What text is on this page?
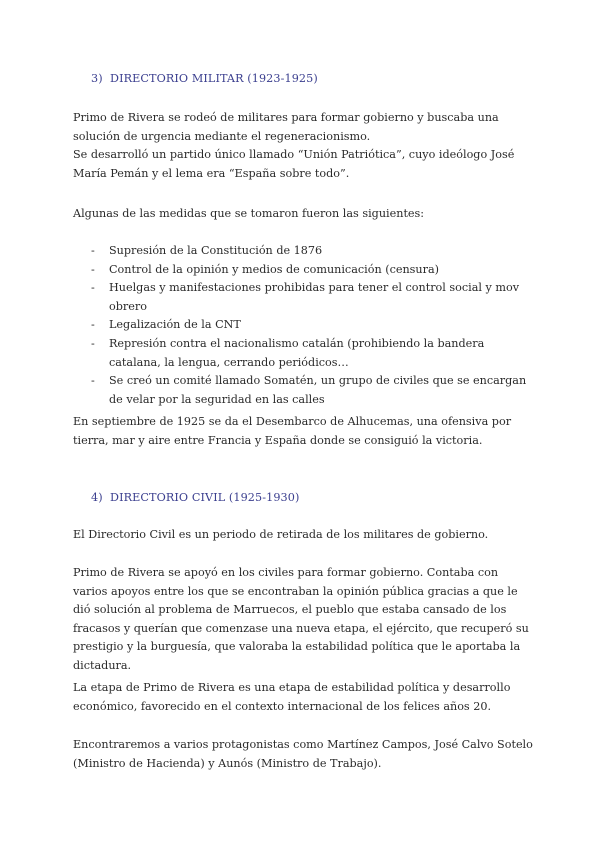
3) DIRECTORIO MILITAR (1923-1925)

Primo de Rivera se rodeó de militares para formar gobierno y buscaba una solución de urgencia mediante el regeneracionismo.

Se desarrolló un partido único llamado “Unión Patriótica”, cuyo ideólogo José María Pemán y el lema era “España sobre todo”.

Algunas de las medidas que se tomaron fueron las siguientes:

- Supresión de la Constitución de 1876
- Control de la opinión y medios de comunicación (censura)
- Huelgas y manifestaciones prohibidas para tener el control social y mov obrero
- Legalización de la CNT
- Represión contra el nacionalismo catalán (prohibiendo la bandera catalana, la lengua, cerrando periódicos…
- Se creó un comité llamado Somatén, un grupo de civiles que se encargan de velar por la seguridad en las calles

En septiembre de 1925 se da el Desembarco de Alhucemas, una ofensiva por tierra, mar y aire entre Francia y España donde se consiguió la victoria.

4) DIRECTORIO CIVIL (1925-1930)

El Directorio Civil es un periodo de retirada de los militares de gobierno.

Primo de Rivera se apoyó en los civiles para formar gobierno. Contaba con varios apoyos entre los que se encontraban la opinión pública gracias a que le dió solución al problema de Marruecos, el pueblo que estaba cansado de los fracasos y querían que comenzase una nueva etapa, el ejército, que recuperó su prestigio y la burguesía, que valoraba la estabilidad política que le aportaba la dictadura.

La etapa de Primo de Rivera es una etapa de estabilidad política y desarrollo económico, favorecido en el contexto internacional de los felices años 20.

Encontraremos a varios protagonistas como Martínez Campos, José Calvo Sotelo (Ministro de Hacienda) y Aunós (Ministro de Trabajo).
